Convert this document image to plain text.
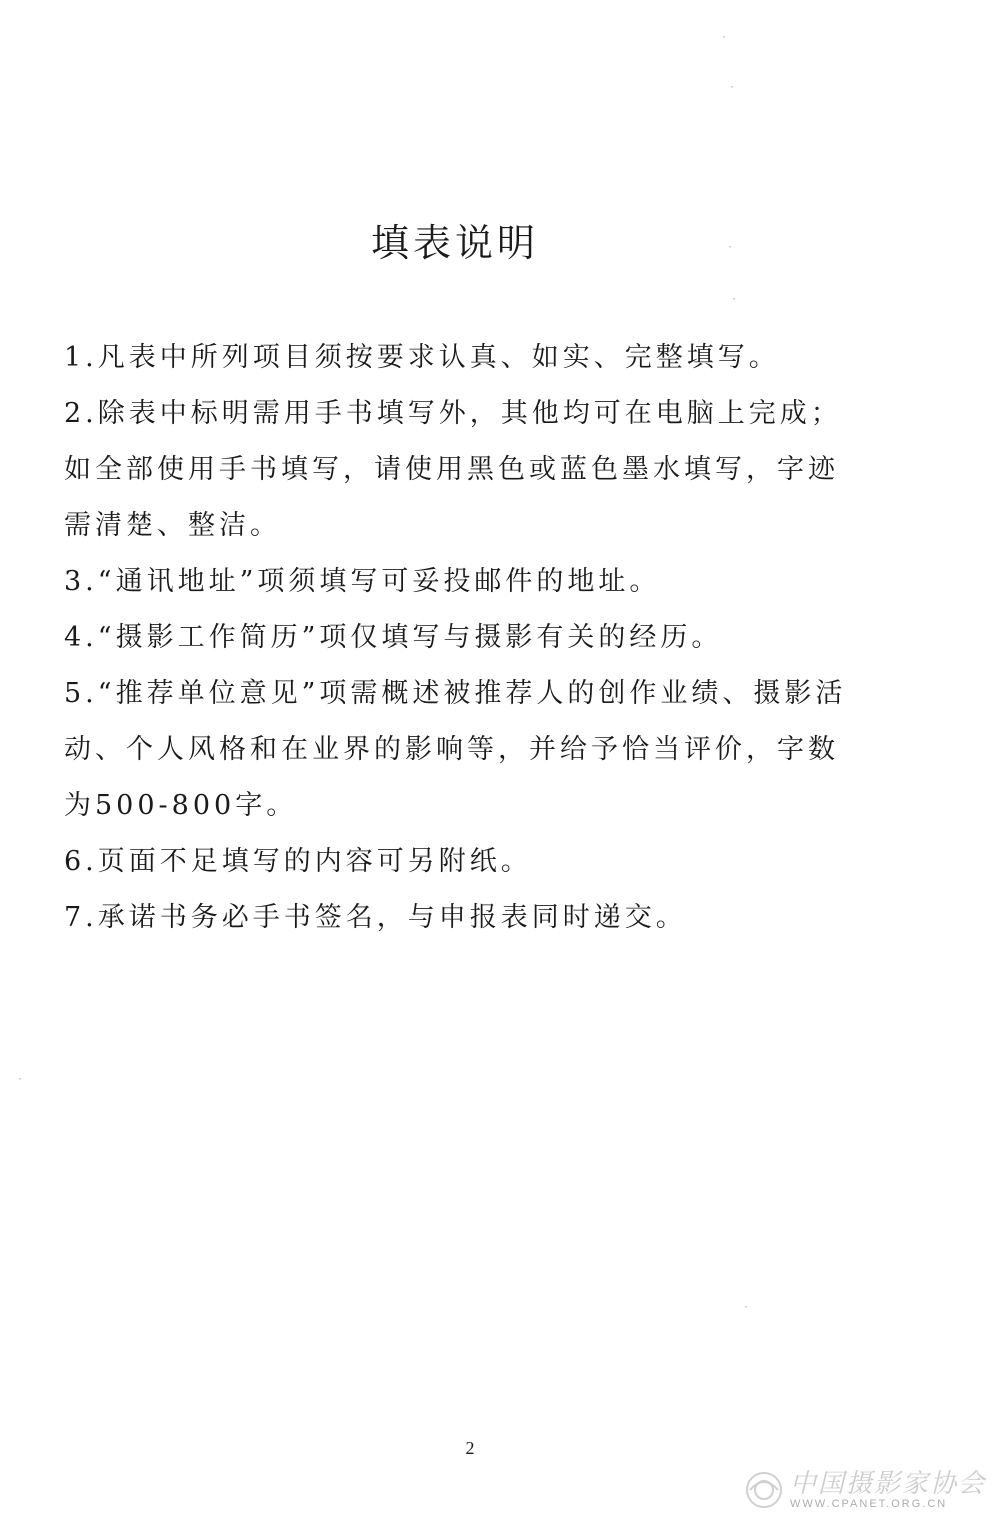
填表说明

1.凡表中所列项目须按要求认真、如实、完整填写。

2.除表中标明需用手书填写外，其他均可在电脑上完成；如全部使用手书填写，请使用黑色或蓝色墨水填写，字迹需清楚、整洁。

3.“通讯地址”项须填写可妥投邮件的地址。

4.“摄影工作简历”项仅填写与摄影有关的经历。

5.“推荐单位意见”项需概述被推荐人的创作业绩、摄影活动、个人风格和在业界的影响等，并给予恰当评价，字数为500-800字。

6.页面不足填写的内容可另附纸。

7.承诺书务必手书签名，与申报表同时递交。

2
ᐧ
ᐧ
ᐧ
ᐧ
ᐧ
ᐧ
中国摄影家协会
WWW.CPANET.ORG.CN
